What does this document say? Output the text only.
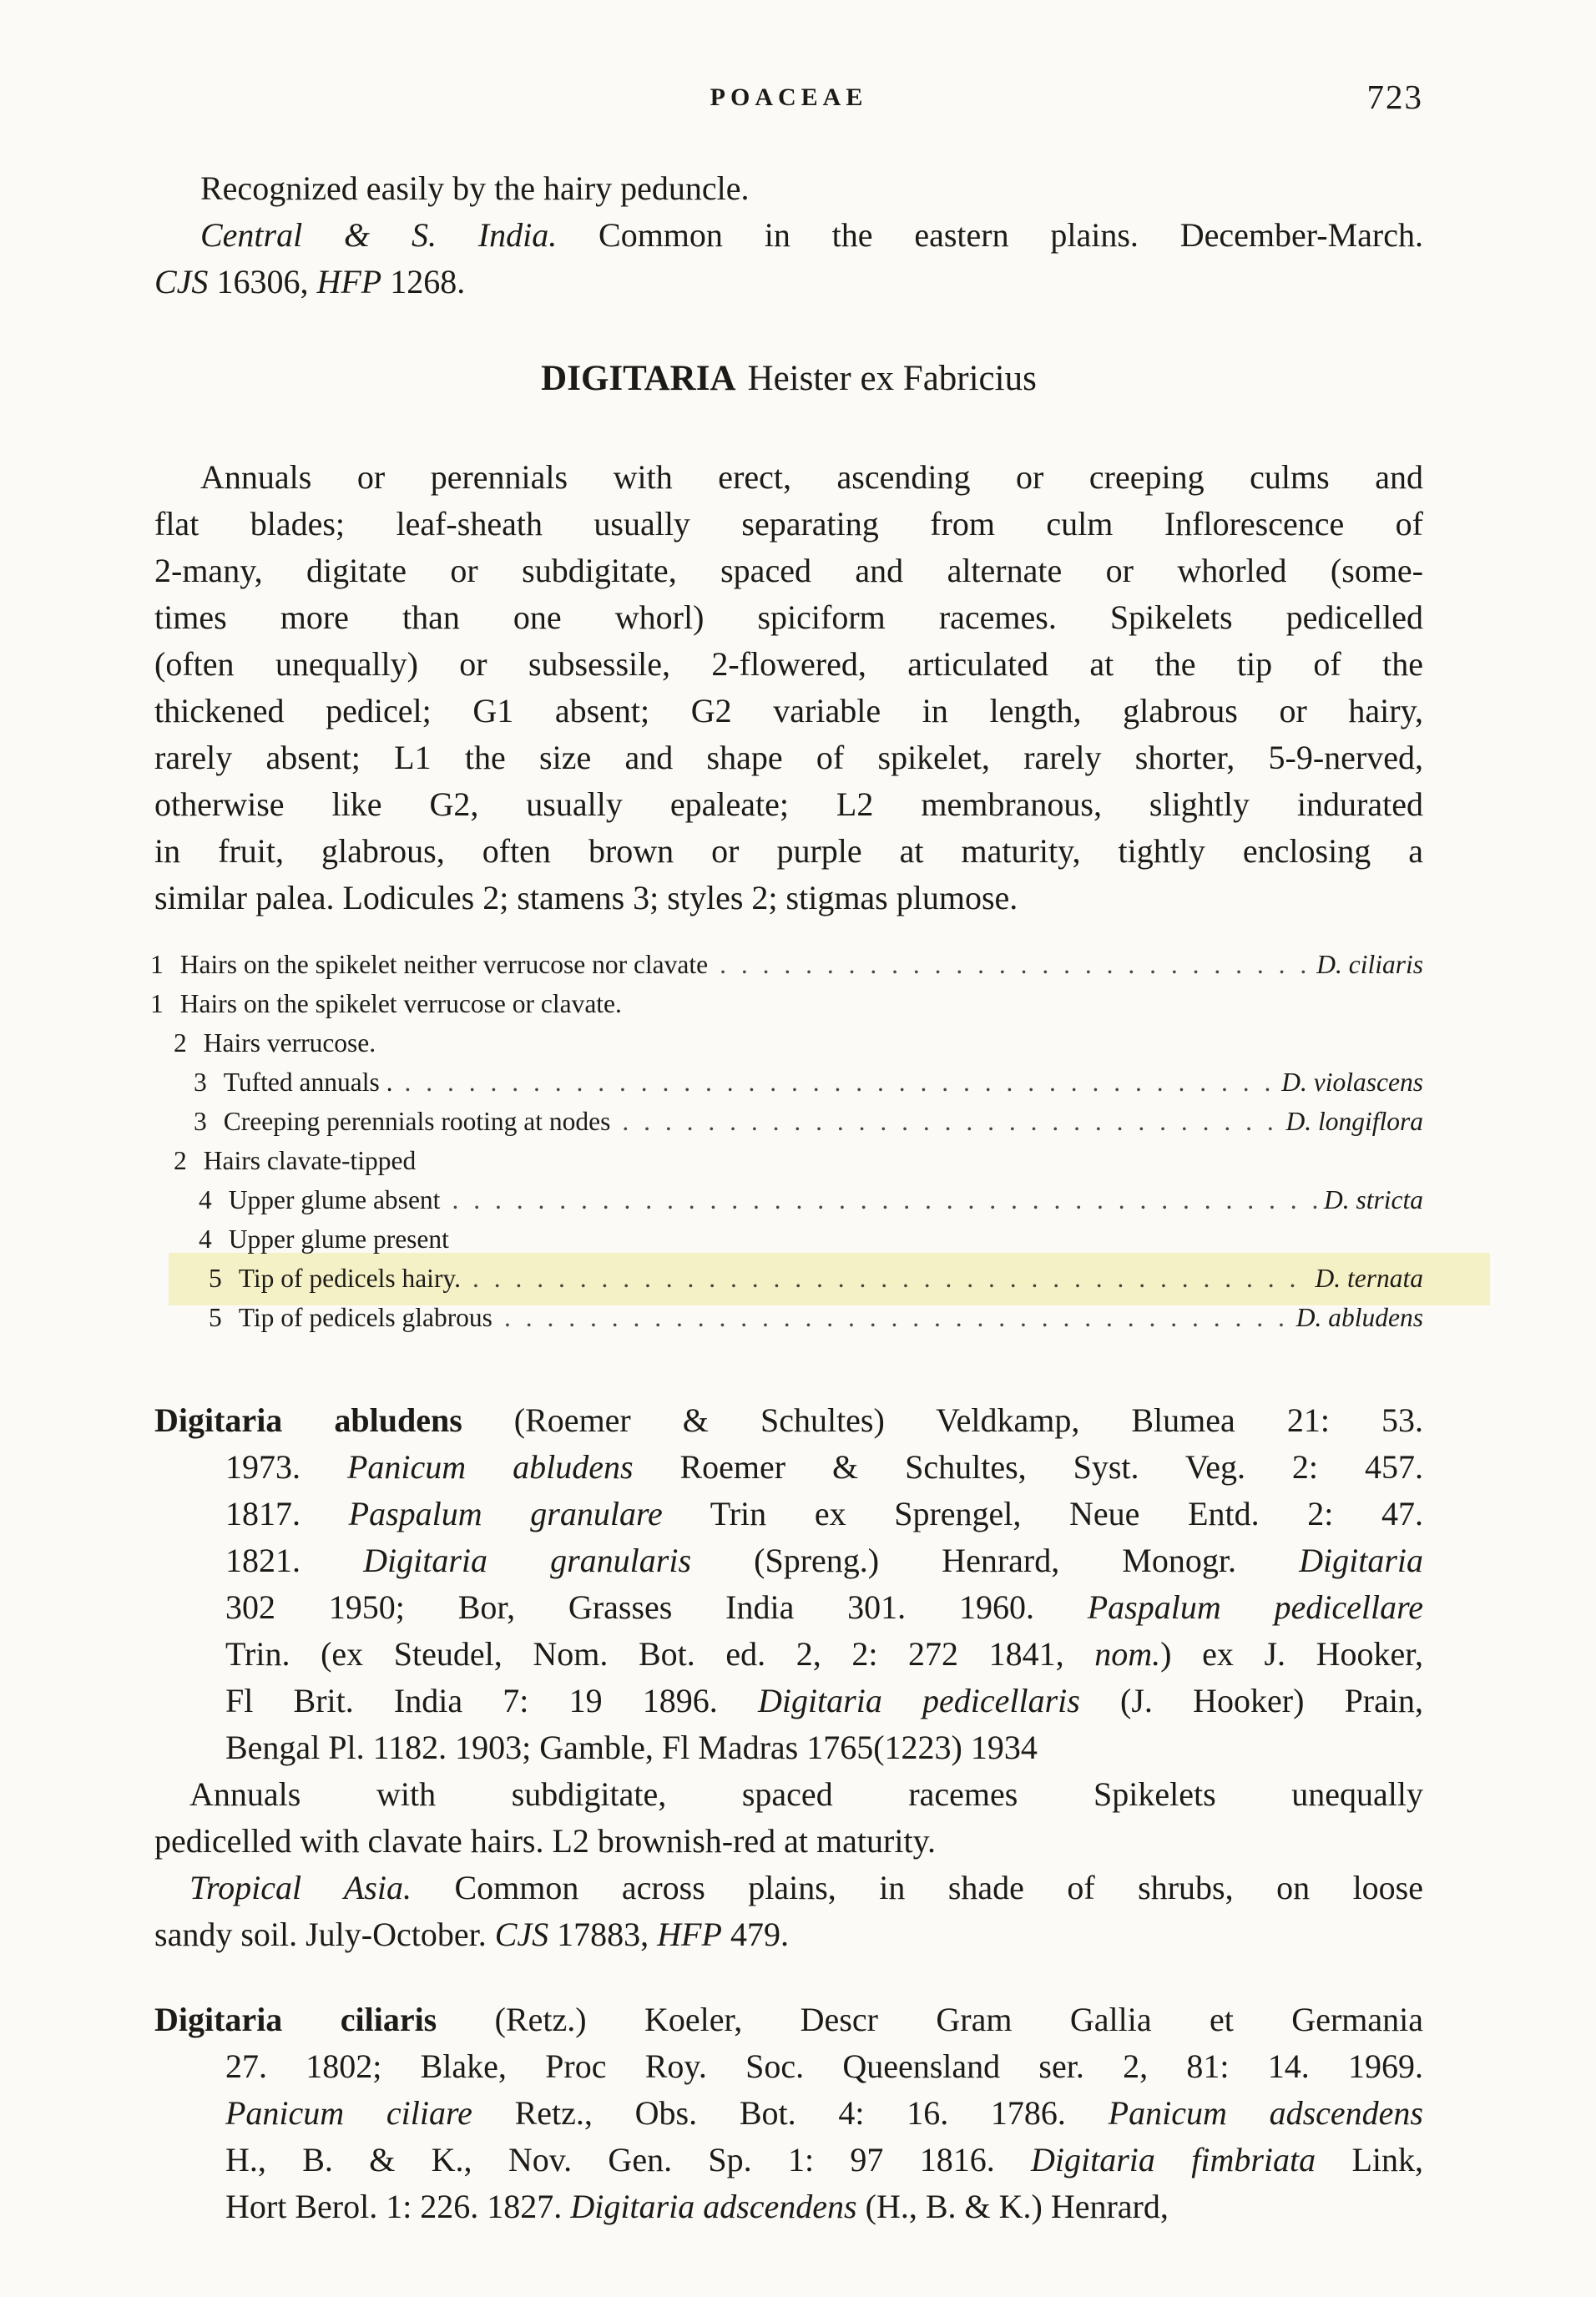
POACEAE	723
Recognized easily by the hairy peduncle.
Central & S. India. Common in the eastern plains. December-March.
CJS 16306, HFP 1268.
DIGITARIA Heister ex Fabricius
Annuals or perennials with erect, ascending or creeping culms and
flat blades; leaf-sheath usually separating from culm Inflorescence of
2-many, digitate or subdigitate, spaced and alternate or whorled (some-
times more than one whorl) spiciform racemes. Spikelets pedicelled
(often unequally) or subsessile, 2-flowered, articulated at the tip of the
thickened pedicel; G1 absent; G2 variable in length, glabrous or hairy,
rarely absent; L1 the size and shape of spikelet, rarely shorter, 5-9-nerved,
otherwise like G2, usually epaleate; L2 membranous, slightly indurated
in fruit, glabrous, often brown or purple at maturity, tightly enclosing a
similar palea. Lodicules 2; stamens 3; styles 2; stigmas plumose.
1 Hairs on the spikelet neither verrucose nor clavate . . .	D. ciliaris
1 Hairs on the spikelet verrucose or clavate.
2 Hairs verrucose.
3 Tufted annuals . . . .	D. violascens
3 Creeping perennials rooting at nodes . . .	D. longiflora
2 Hairs clavate-tipped
4 Upper glume absent . . .	D. stricta
4 Upper glume present
5 Tip of pedicels hairy. . . .	D. ternata
5 Tip of pedicels glabrous . . .	D. abludens
Digitaria abludens (Roemer & Schultes) Veldkamp, Blumea 21: 53.
1973. Panicum abludens Roemer & Schultes, Syst. Veg. 2: 457.
1817. Paspalum granulare Trin ex Sprengel, Neue Entd. 2: 47.
1821. Digitaria granularis (Spreng.) Henrard, Monogr. Digitaria
302 1950; Bor, Grasses India 301. 1960. Paspalum pedicellare
Trin. (ex Steudel, Nom. Bot. ed. 2, 2: 272 1841, nom.) ex J. Hooker,
Fl Brit. India 7: 19 1896. Digitaria pedicellaris (J. Hooker) Prain,
Bengal Pl. 1182. 1903; Gamble, Fl Madras 1765(1223) 1934
Annuals with subdigitate, spaced racemes Spikelets unequally
pedicelled with clavate hairs. L2 brownish-red at maturity.
Tropical Asia. Common across plains, in shade of shrubs, on loose
sandy soil. July-October. CJS 17883, HFP 479.
Digitaria ciliaris (Retz.) Koeler, Descr Gram Gallia et Germania
27. 1802; Blake, Proc Roy. Soc. Queensland ser. 2, 81: 14. 1969.
Panicum ciliare Retz., Obs. Bot. 4: 16. 1786. Panicum adscendens
H., B. & K., Nov. Gen. Sp. 1: 97 1816. Digitaria fimbriata Link,
Hort Berol. 1: 226. 1827. Digitaria adscendens (H., B. & K.) Henrard,
